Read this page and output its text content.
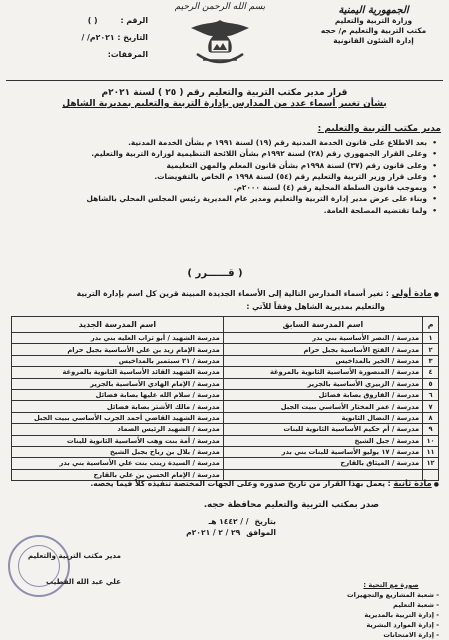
الجمهورية اليمنية
وزارة التربية والتعليم
مكتب التربية والتعليم م/ حجه
إدارة الشئون القانونية
بسم الله الرحمن الرحيم
الرقم : ( )
التاريخ : / /٢٠٢١م
المرفقات:
قرار مدير مكتب التربية والتعليم رقم ( ٢٥ ) لسنة ٢٠٢١م
بشأن تغيير أسماء عدد من المدارس بإدارة التربية والتعليم بمديرية الشاهل
مدير مكتب التربية والتعليم :
•بعد الاطلاع على قانون الخدمة المدنية رقم (١٩) لسنة ١٩٩١ م بشأن الخدمة المدنية.
•وعلى القرار الجمهوري رقم (٢٨) لسنة ١٩٩٢م بشأن اللائحة التنظيمية لوزارة التربية والتعليم.
•وعلى قانون رقم (٣٧) لسنة ١٩٩٨م بشأن قانون المعلم والمهن التعليمية
•وعلى قرار وزير التربية والتعليم رقم (٥٤) لسنة ١٩٩٨ م الخاص بالتفويضات.
•وبموجب قانون السلطة المحلية رقم (٤) لسنة ٢٠٠٠م.
•وبناء على عرض مدير إدارة التربية والتعليم ومدير عام المديرية رئيس المجلس المحلي بالشاهل
•ولما تقتضيه المصلحة العامة.
( قــــــرر )
●مادة أولى : تغير أسماء المدارس التالية إلى الأسماء الجديدة المبينة قرين كل اسم بإدارة التربية
والتعليم بمديرية الشاهل وفقاً للآتي :
م	اسم المدرسة السابق	اسم المدرسة الجديد
١	مدرسة / النصر الأساسية بني بدر	مدرسة الشهيد / أبو تراب العليه بني بدر
٢	مدرسة / الفتح الأساسية بجبل حرام	مدرسة الإمام زيد بن علي الأساسية بجبل حرام
٣	مدرسة / الخير بالمداخيس	مدرسة / ٢١ سبتمبر بالمداخيس
٤	مدرسة / المنصورة الأساسية الثانوية بالمروغة	مدرسة الشهيد القائد الأساسية الثانوية بالمروغة
٥	مدرسة / الزبيري الأساسية بالجرير	مدرسة / الإمام الهادي الأساسية بالجرير
٦	مدرسة / الفاروق بصابة فضائل	مدرسة / سلام الله عليها بصابة فضائل
٧	مدرسة / عمر المختار الأساسي ببيت الجبل	مدرسة / مالك الأشتر بصابة فضائل
٨	مدرسة / النضال الثانوية	مدرسة الشهيد القاضي أحمد الجرب الأساسي ببيت الجبل
٩	مدرسة / أم حكيم الأساسية الثانوية للبنات	مدرسة / الشهيد الرئيس الصماد
١٠	مدرسة / جبل الشيخ	مدرسة / أمة بنت وهب الأساسية الثانوية للبنات
١١	مدرسة / ١٧ يوليو الأساسية للبنات بني بدر	مدرسة / بلال بن رباح بجبل الشيخ
١٢	مدرسة / الميثاق بالقارح	مدرسة / السيدة زينب بنت علي الأساسية بني بدر
		مدرسة / الإمام الحسن بن علي بالقارح
●مادة ثانية : يعمل بهذا القرار من تاريخ صدوره وعلى الجهات المختصة تنفيذه كلاً فيما يخصه.
صدر بمكتب التربية والتعليم محافظة حجه.
بتاريخ/ / ١٤٤٢ هـ
الموافق٢٩ / ٢ / ٢٠٢١م
مدير مكتب التربية والتعليم
علي عبد الله القطيب	صورة مع التحية :
- شعبة المشاريع والتجهيزات
- شعبة التعليم
- إدارة التربية بالمديرية
- إدارة الموارد البشرية
- إدارة الامتحانات
